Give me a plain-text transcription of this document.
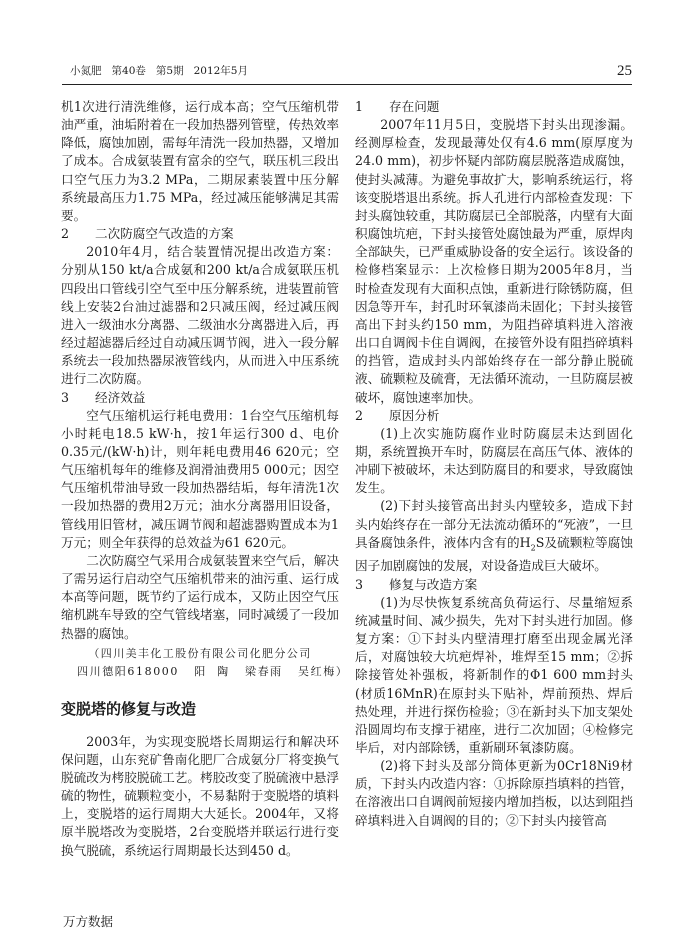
小氮肥   第40卷   第5期   2012年5月	25

机1次进行清洗维修，运行成本高；空气压缩机带油严重，油垢附着在一段加热器列管壁，传热效率降低，腐蚀加剧，需每年清洗一段加热器，又增加了成本。合成氨装置有富余的空气，联压机三段出口空气压力为3.2 MPa，二期尿素装置中压分解系统最高压力1.75 MPa，经过减压能够满足其需要。

2 二次防腐空气改造的方案

2010年4月，结合装置情况提出改造方案：分别从150 kt/a合成氨和200 kt/a合成氨联压机四段出口管线引空气至中压分解系统，进装置前管线上安装2台油过滤器和2只减压阀，经过减压阀进入一级油水分离器、二级油水分离器进入后，再经过超滤器后经过自动减压调节阀，进入一段分解系统去一段加热器尿液管线内，从而进入中压系统进行二次防腐。

3 经济效益

空气压缩机运行耗电费用：1台空气压缩机每小时耗电18.5 kW·h，按1年运行300 d、电价0.35元/(kW·h)计，则年耗电费用46 620元；空气压缩机每年的维修及润滑油费用5 000元；因空气压缩机带油导致一段加热器结垢，每年清洗1次一段加热器的费用2万元；油水分离器用旧设备，管线用旧管材，减压调节阀和超滤器购置成本为1万元；则全年获得的总效益为61 620元。

二次防腐空气采用合成氨装置来空气后，解决了需另运行启动空气压缩机带来的油污重、运行成本高等问题，既节约了运行成本，又防止因空气压缩机跳车导致的空气管线堵塞，同时减缓了一段加热器的腐蚀。

（四川美丰化工股份有限公司化肥分公司

四川德阳618000   阳  陶   梁春雨   吴红梅）

变脱塔的修复与改造

2003年，为实现变脱塔长周期运行和解决环保问题，山东兖矿鲁南化肥厂合成氨分厂将变换气脱硫改为栲胶脱硫工艺。栲胶改变了脱硫液中悬浮硫的物性，硫颗粒变小，不易黏附于变脱塔的填料上，变脱塔的运行周期大大延长。2004年，又将原半脱塔改为变脱塔，2台变脱塔并联运行进行变换气脱硫，系统运行周期最长达到450 d。

1 存在问题

2007年11月5日，变脱塔下封头出现渗漏。经测厚检查，发现最薄处仅有4.6 mm(原厚度为24.0 mm)，初步怀疑内部防腐层脱落造成腐蚀，使封头减薄。为避免事故扩大，影响系统运行，将该变脱塔退出系统。拆人孔进行内部检查发现：下封头腐蚀较重，其防腐层已全部脱落，内壁有大面积腐蚀坑疤，下封头接管处腐蚀最为严重，原焊肉全部缺失，已严重威胁设备的安全运行。该设备的检修档案显示：上次检修日期为2005年8月，当时检查发现有大面积点蚀，重新进行除锈防腐，但因急等开车，封孔时环氧漆尚未固化；下封头接管高出下封头约150 mm，为阻挡碎填料进入溶液出口自调阀卡住自调阀，在接管外设有阻挡碎填料的挡管，造成封头内部始终存在一部分静止脱硫液、硫颗粒及硫膏，无法循环流动，一旦防腐层被破坏，腐蚀速率加快。

2 原因分析

(1)上次实施防腐作业时防腐层未达到固化期，系统置换开车时，防腐层在高压气体、液体的冲刷下被破坏，未达到防腐目的和要求，导致腐蚀发生。

(2)下封头接管高出封头内壁较多，造成下封头内始终存在一部分无法流动循环的“死液”，一旦具备腐蚀条件，液体内含有的$H_2S$及硫颗粒等腐蚀因子加剧腐蚀的发展，对设备造成巨大破坏。

3 修复与改造方案

(1)为尽快恢复系统高负荷运行、尽量缩短系统减量时间、减少损失，先对下封头进行加固。修复方案：①下封头内壁清理打磨至出现金属光泽后，对腐蚀较大坑疤焊补，堆焊至15 mm；②拆除接管处补强板，将新制作的Φ1 600 mm封头(材质16MnR)在原封头下贴补，焊前预热、焊后热处理，并进行探伤检验；③在新封头下加支架处沿圆周均布支撑于裙座，进行二次加固；④检修完毕后，对内部除锈，重新刷环氧漆防腐。

(2)将下封头及部分筒体更新为0Cr18Ni9材质，下封头内改造内容：①拆除原挡填料的挡管，在溶液出口自调阀前短接内增加挡板，以达到阻挡碎填料进入自调阀的目的；②下封头内接管高

万方数据
